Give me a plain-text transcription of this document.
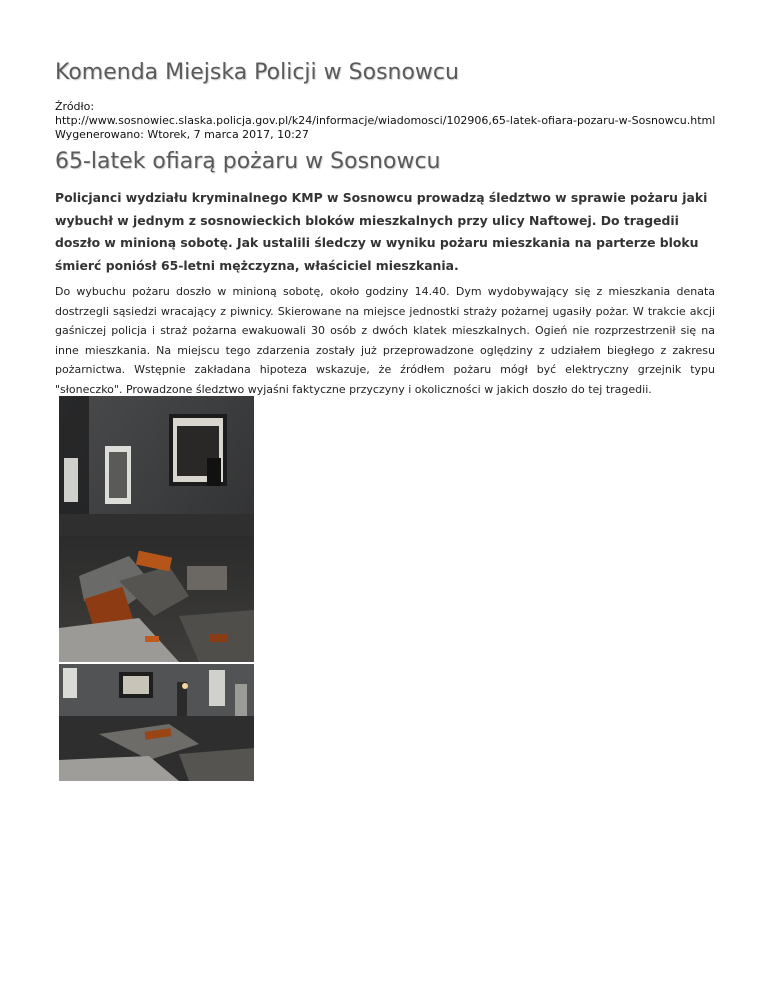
Komenda Miejska Policji w Sosnowcu
Źródło:
http://www.sosnowiec.slaska.policja.gov.pl/k24/informacje/wiadomosci/102906,65-latek-ofiara-pozaru-w-Sosnowcu.html
Wygenerowano: Wtorek, 7 marca 2017, 10:27
65-latek ofiarą pożaru w Sosnowcu

Policjanci wydziału kryminalnego KMP w Sosnowcu prowadzą śledztwo w sprawie pożaru jaki wybuchł w jednym z sosnowieckich bloków mieszkalnych przy ulicy Naftowej. Do tragedii doszło w minioną sobotę. Jak ustalili śledczy w wyniku pożaru mieszkania na parterze bloku śmierć poniósł 65-letni mężczyzna, właściciel mieszkania.

Do wybuchu pożaru doszło w minioną sobotę, około godziny 14.40. Dym wydobywający się z mieszkania denata dostrzegli sąsiedzi wracający z piwnicy. Skierowane na miejsce jednostki straży pożarnej ugasiły pożar. W trakcie akcji gaśniczej policja i straż pożarna ewakuowali 30 osób z dwóch klatek mieszkalnych. Ogień nie rozprzestrzenił się na inne mieszkania. Na miejscu tego zdarzenia zostały już przeprowadzone oględziny z udziałem biegłego z zakresu pożarnictwa. Wstępnie zakładana hipoteza wskazuje, że źródłem pożaru mógł być elektryczny grzejnik typu "słoneczko". Prowadzone śledztwo wyjaśni faktyczne przyczyny i okoliczności w jakich doszło do tej tragedii.
